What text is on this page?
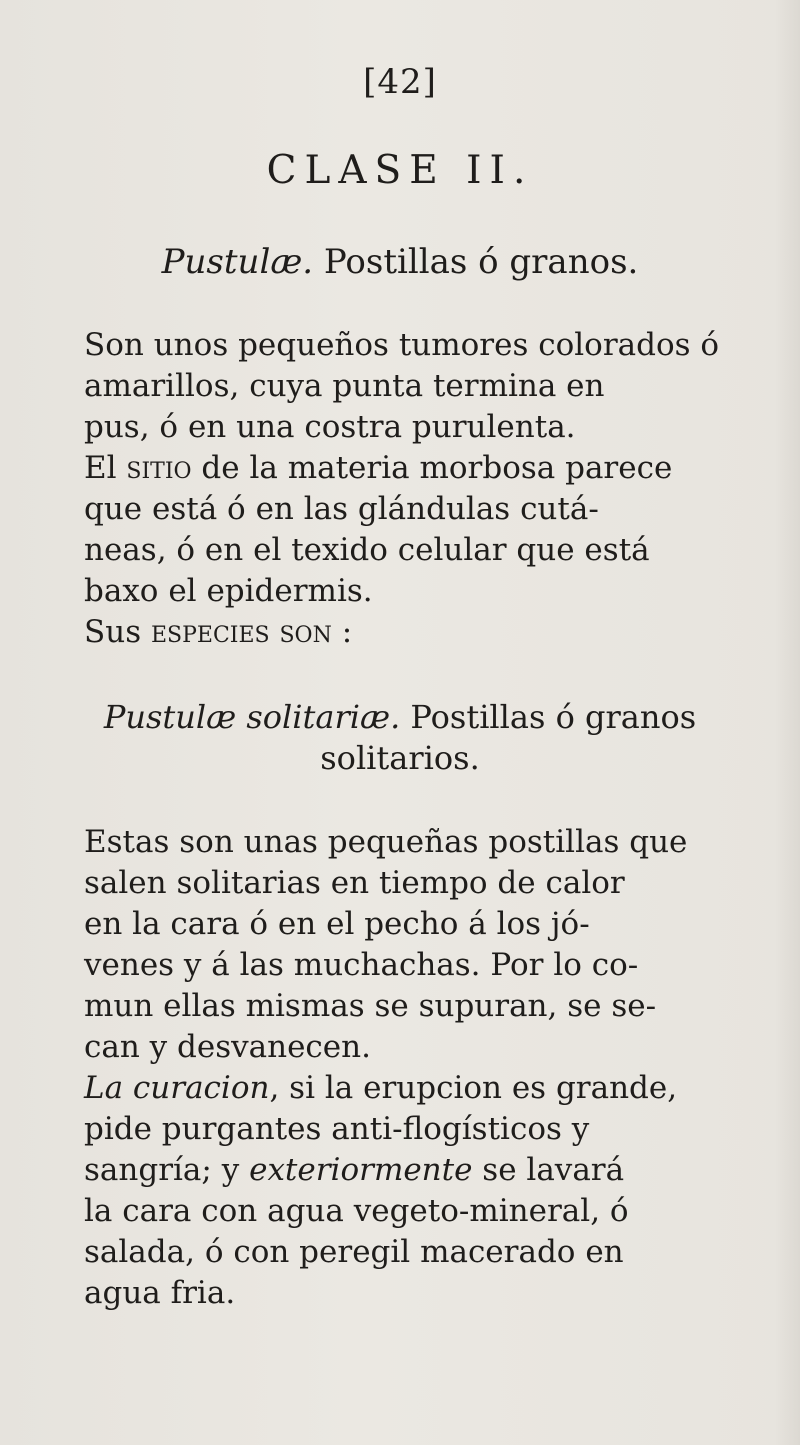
[42]
CLASE II.
Pustulæ. Postillas ó granos.
Son unos pequeños tumores colorados ó
amarillos, cuya punta termina en
pus, ó en una costra purulenta.
El sitio de la materia morbosa parece
que está ó en las glándulas cutá-
neas, ó en el texido celular que está
baxo el epidermis.
Sus especies son :
Pustulæ solitariæ. Postillas ó granos
solitarios.
Estas son unas pequeñas postillas que
salen solitarias en tiempo de calor
en la cara ó en el pecho á los jó-
venes y á las muchachas. Por lo co-
mun ellas mismas se supuran, se se-
can y desvanecen.
La curacion, si la erupcion es grande,
pide purgantes anti-flogísticos y
sangría; y exteriormente se lavará
la cara con agua vegeto-mineral, ó
salada, ó con peregil macerado en
agua fria.
